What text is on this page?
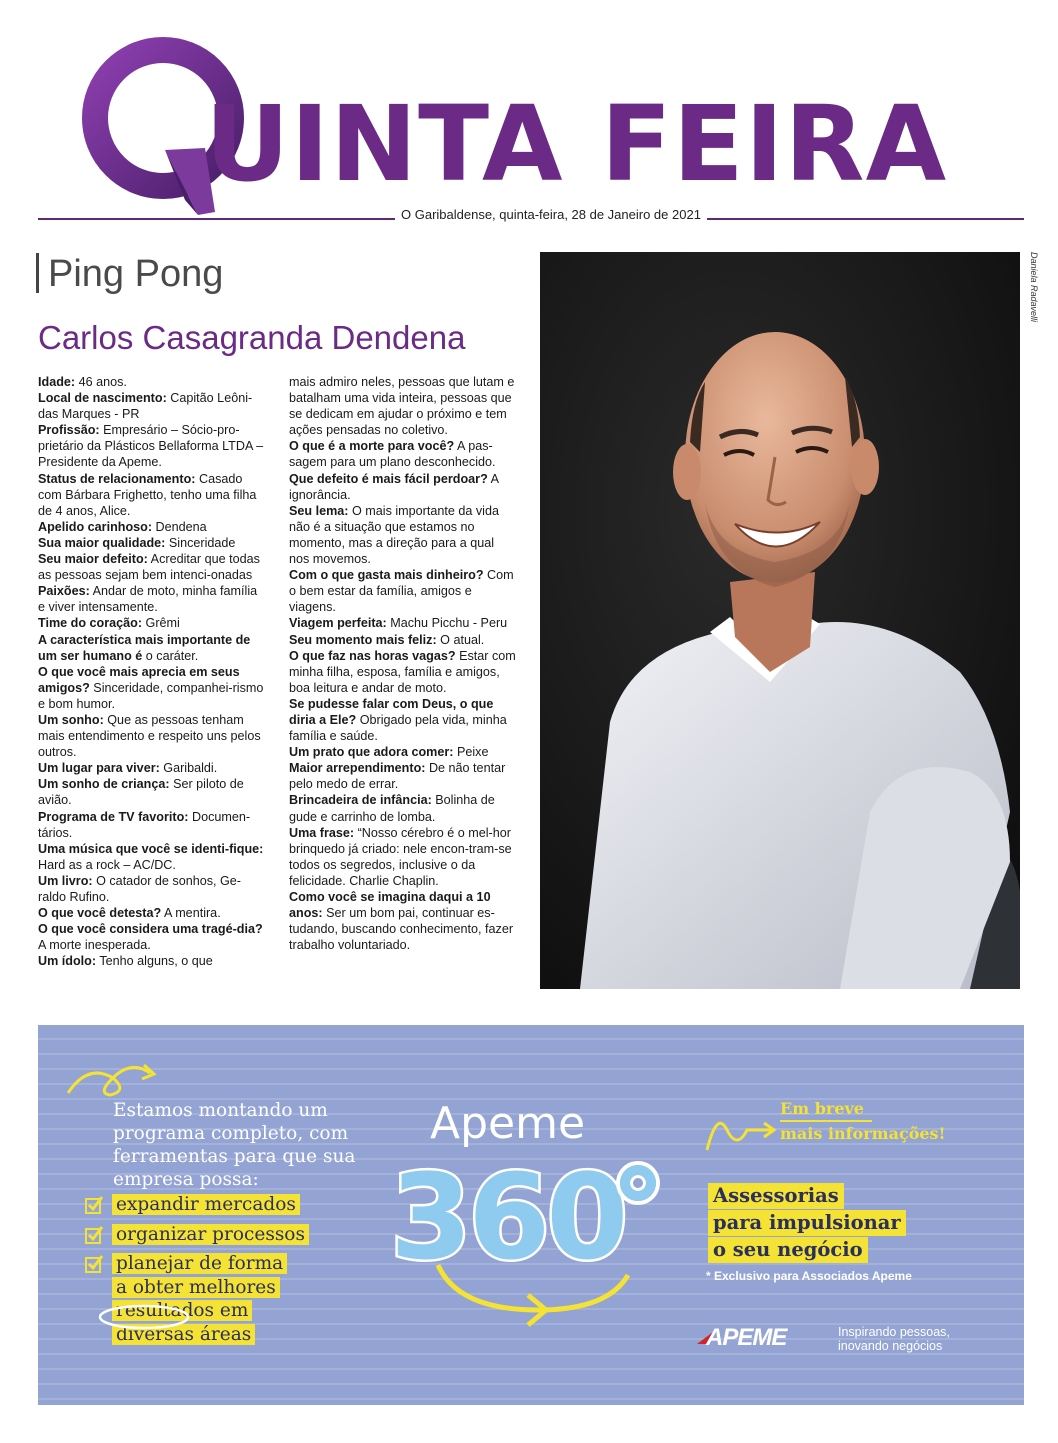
UINTA FEIRA
O Garibaldense, quinta-feira, 28 de Janeiro de 2021
Ping Pong
Carlos Casagranda Dendena

Idade: 46 anos.

Local de nascimento: Capitão Leôni-das Marques - PR

Profissão: Empresário – Sócio-pro-prietário da Plásticos Bellaforma LTDA – Presidente da Apeme.

Status de relacionamento: Casado com Bárbara Frighetto, tenho uma filha de 4 anos, Alice.

Apelido carinhoso: Dendena

Sua maior qualidade: Sinceridade

Seu maior defeito: Acreditar que todas as pessoas sejam bem intenci-onadas

Paixões: Andar de moto, minha família e viver intensamente.

Time do coração: Grêmi

A característica mais importante de um ser humano é o caráter.

O que você mais aprecia em seus amigos? Sinceridade, companhei-rismo e bom humor.

Um sonho: Que as pessoas tenham mais entendimento e respeito uns pelos outros.

Um lugar para viver: Garibaldi.

Um sonho de criança: Ser piloto de avião.

Programa de TV favorito: Documen-tários.

Uma música que você se identi-fique: Hard as a rock – AC/DC.

Um livro: O catador de sonhos, Ge-raldo Rufino.

O que você detesta? A mentira.

O que você considera uma tragé-dia? A morte inesperada.

Um ídolo: Tenho alguns, o que

mais admiro neles, pessoas que lutam e batalham uma vida inteira, pessoas que se dedicam em ajudar o próximo e tem ações pensadas no coletivo.

O que é a morte para você? A pas-sagem para um plano desconhecido.

Que defeito é mais fácil perdoar? A ignorância.

Seu lema: O mais importante da vida não é a situação que estamos no momento, mas a direção para a qual nos movemos.

Com o que gasta mais dinheiro? Com o bem estar da família, amigos e viagens.

Viagem perfeita: Machu Picchu - Peru

Seu momento mais feliz: O atual.

O que faz nas horas vagas? Estar com minha filha, esposa, família e amigos, boa leitura e andar de moto.

Se pudesse falar com Deus, o que diria a Ele? Obrigado pela vida, minha família e saúde.

Um prato que adora comer: Peixe

Maior arrependimento: De não tentar pelo medo de errar.

Brincadeira de infância: Bolinha de gude e carrinho de lomba.

Uma frase: “Nosso cérebro é o mel-hor brinquedo já criado: nele encon-tram-se todos os segredos, inclusive o da felicidade. Charlie Chaplin.

Como você se imagina daqui a 10 anos: Ser um bom pai, continuar es-tudando, buscando conhecimento, fazer trabalho voluntariado.

Daniela Radavelli
Estamos montando um programa completo, com ferramentas para que sua empresa possa:
expandir mercados
organizar processos
planejar de forma a obter melhores resultados em diversas áreas
Apeme
360
Em breve
mais informações!
Assessorias
para impulsionar
o seu negócio
* Exclusivo para Associados Apeme
APEME	Inspirando pessoas,
inovando negócios
